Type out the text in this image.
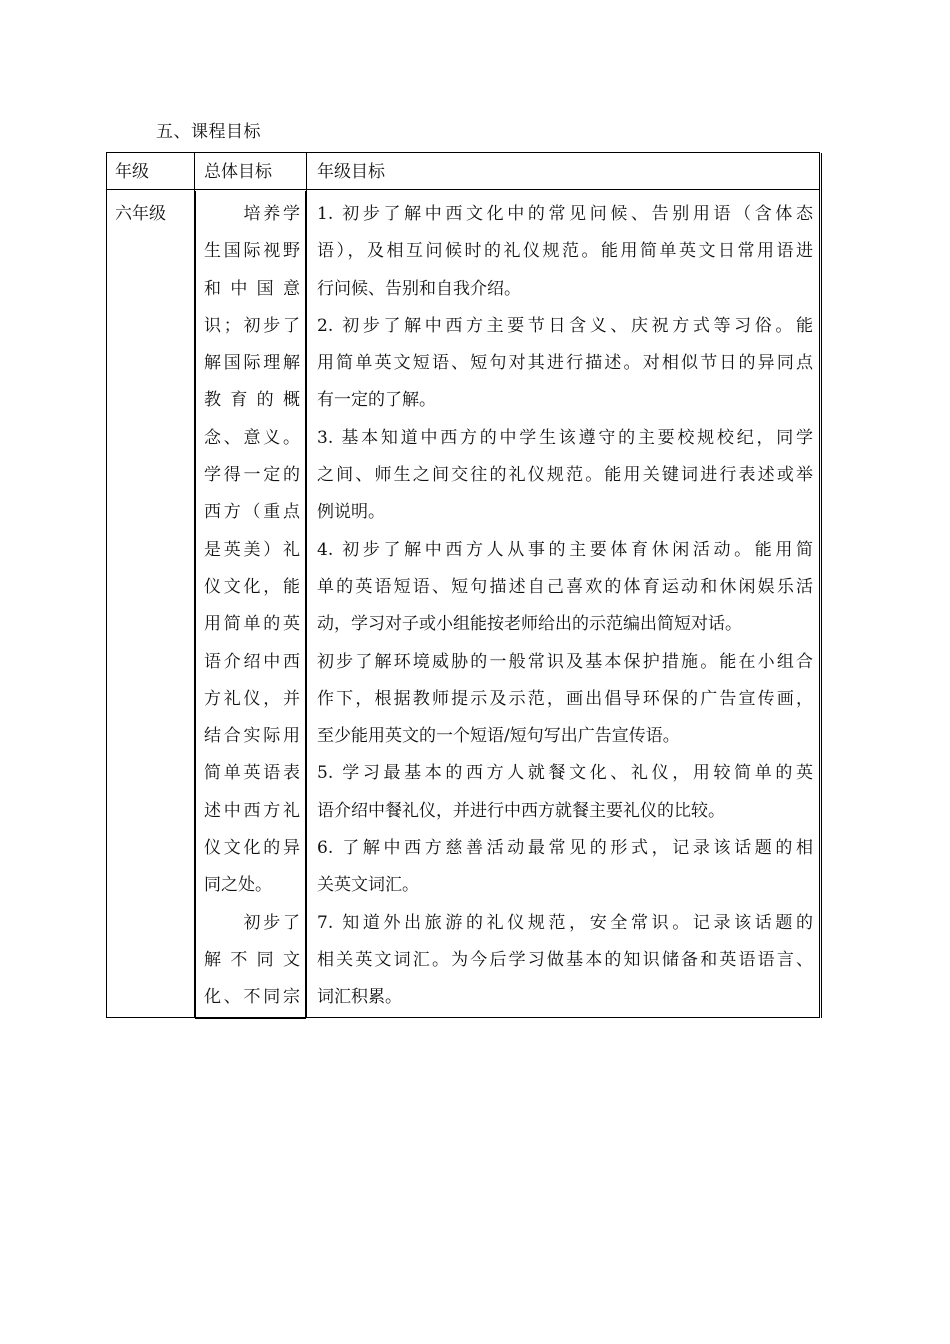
五、课程目标
年级	总体目标	年级目标
六年级 　　培养学
生国际视野
和 中 国 意
识；初步了
解国际理解
教 育 的 概
念、意义。
学得一定的
西方（重点
是英美）礼
仪文化，能
用简单的英
语介绍中西
方礼仪，并
结合实际用
简单英语表
述中西方礼
仪文化的异
同之处。
　　初步了
解 不 同 文
化、不同宗
1. 初步了解中西文化中的常见问候、告别用语（含体态
语），及相互问候时的礼仪规范。能用简单英文日常用语进
行问候、告别和自我介绍。
2. 初步了解中西方主要节日含义、庆祝方式等习俗。能
用简单英文短语、短句对其进行描述。对相似节日的异同点
有一定的了解。
3. 基本知道中西方的中学生该遵守的主要校规校纪，同学
之间、师生之间交往的礼仪规范。能用关键词进行表述或举
例说明。
4. 初步了解中西方人从事的主要体育休闲活动。能用简
单的英语短语、短句描述自己喜欢的体育运动和休闲娱乐活
动，学习对子或小组能按老师给出的示范编出简短对话。
初步了解环境威胁的一般常识及基本保护措施。能在小组合
作下，根据教师提示及示范，画出倡导环保的广告宣传画，
至少能用英文的一个短语/短句写出广告宣传语。
5. 学习最基本的西方人就餐文化、礼仪，用较简单的英
语介绍中餐礼仪，并进行中西方就餐主要礼仪的比较。
6. 了解中西方慈善活动最常见的形式，记录该话题的相
关英文词汇。
7. 知道外出旅游的礼仪规范，安全常识。记录该话题的
相关英文词汇。为今后学习做基本的知识储备和英语语言、
词汇积累。
